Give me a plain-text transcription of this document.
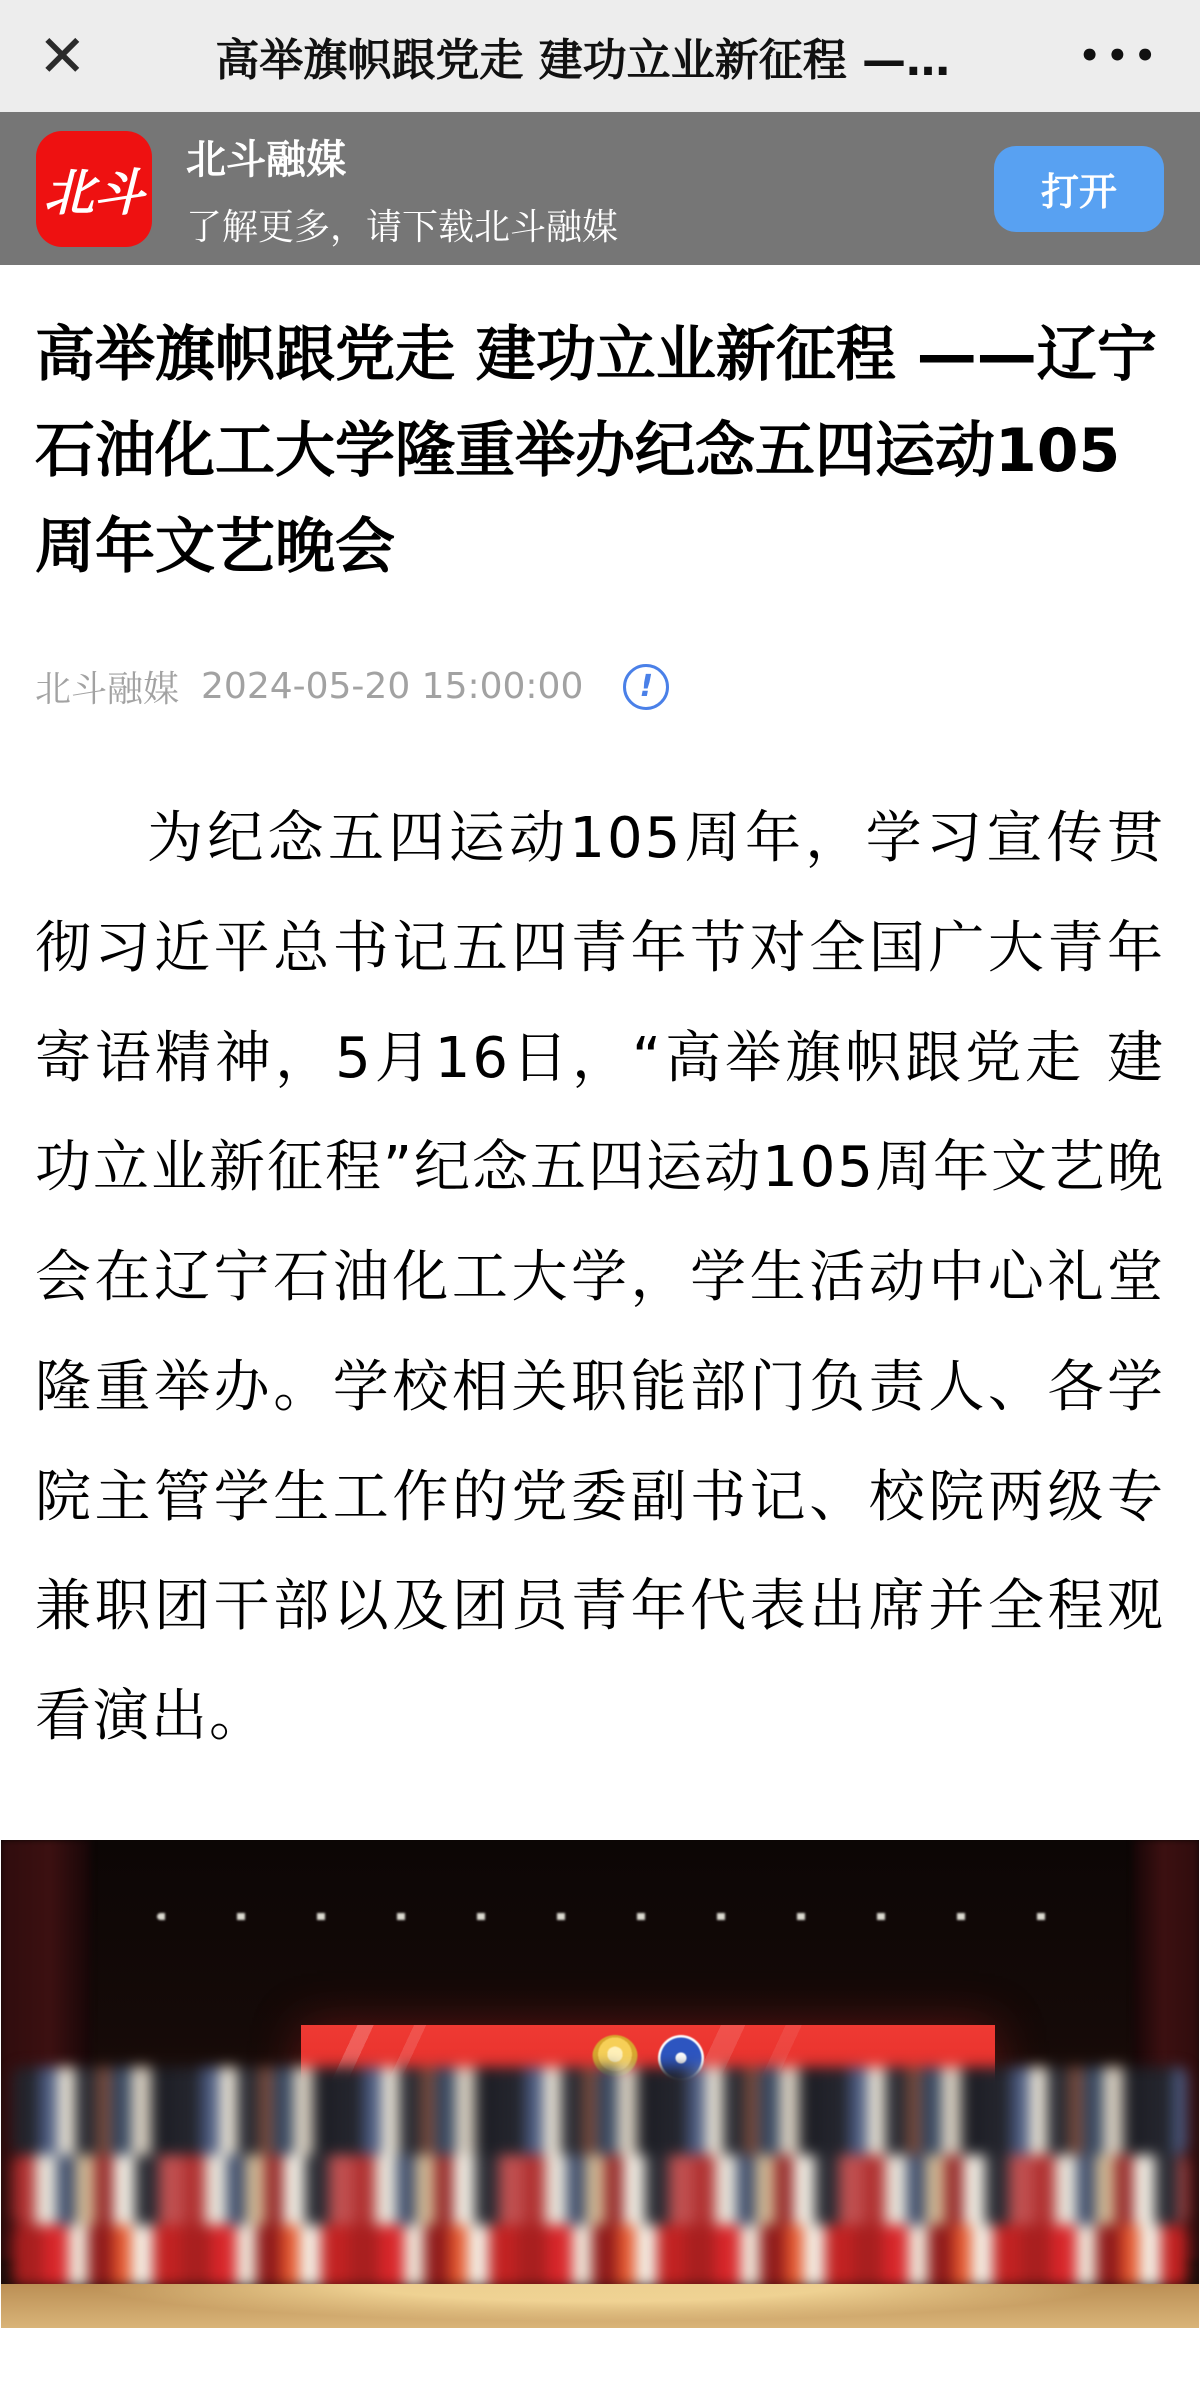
✕	高举旗帜跟党走 建功立业新征程 —…	•••
北斗
北斗融媒
了解更多，请下载北斗融媒
打开
高举旗帜跟党走 建功立业新征程 ——辽宁石油化工大学隆重举办纪念五四运动105周年文艺晚会
北斗融媒 2024-05-20 15:00:00 !

为纪念五四运动105周年，学习宣传贯彻习近平总书记五四青年节对全国广大青年寄语精神，5月16日，“高举旗帜跟党走 建功立业新征程”纪念五四运动105周年文艺晚会在辽宁石油化工大学，学生活动中心礼堂隆重举办。学校相关职能部门负责人、各学院主管学生工作的党委副书记、校院两级专兼职团干部以及团员青年代表出席并全程观看演出。
